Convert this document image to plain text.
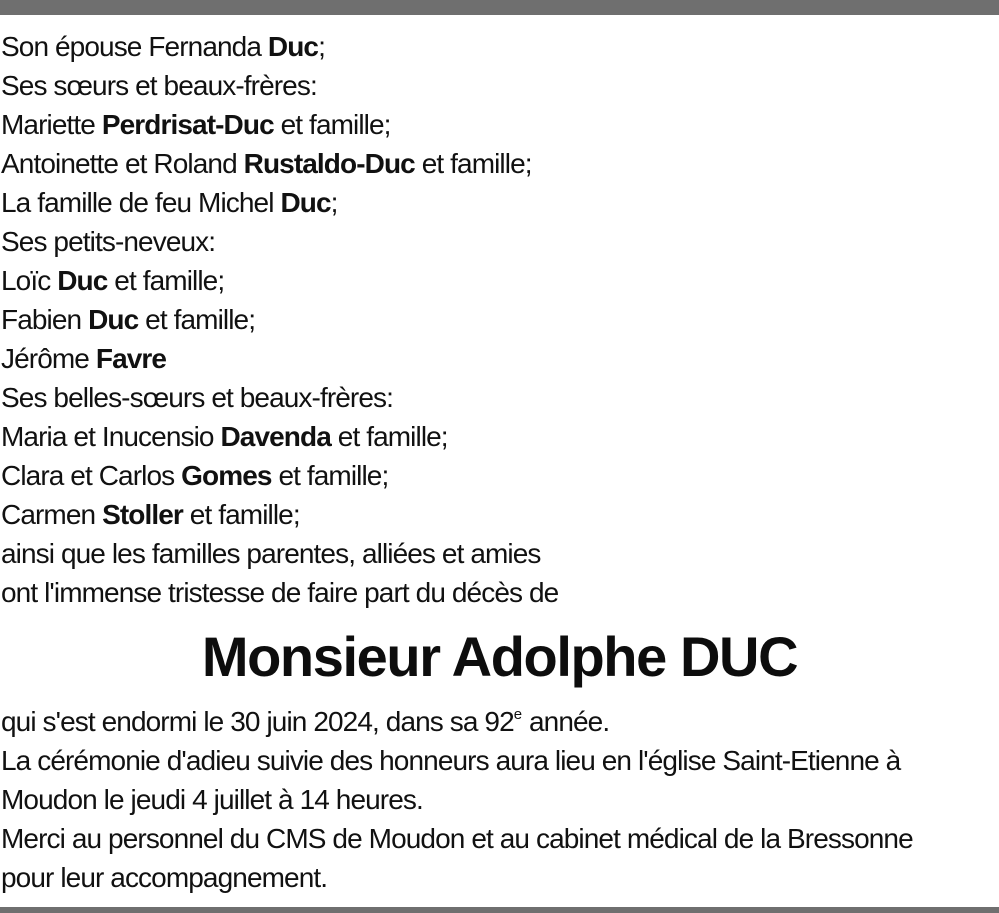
Son épouse Fernanda Duc;
Ses sœurs et beaux-frères:
Mariette Perdrisat-Duc et famille;
Antoinette et Roland Rustaldo-Duc et famille;
La famille de feu Michel Duc;
Ses petits-neveux:
Loïc Duc et famille;
Fabien Duc et famille;
Jérôme Favre
Ses belles-sœurs et beaux-frères:
Maria et Inucensio Davenda et famille;
Clara et Carlos Gomes et famille;
Carmen Stoller et famille;
ainsi que les familles parentes, alliées et amies
ont l'immense tristesse de faire part du décès de
Monsieur Adolphe DUC
qui s'est endormi le 30 juin 2024, dans sa 92e année.
La cérémonie d'adieu suivie des honneurs aura lieu en l'église Saint-Etienne à
Moudon le jeudi 4 juillet à 14 heures.
Merci au personnel du CMS de Moudon et au cabinet médical de la Bressonne
pour leur accompagnement.
